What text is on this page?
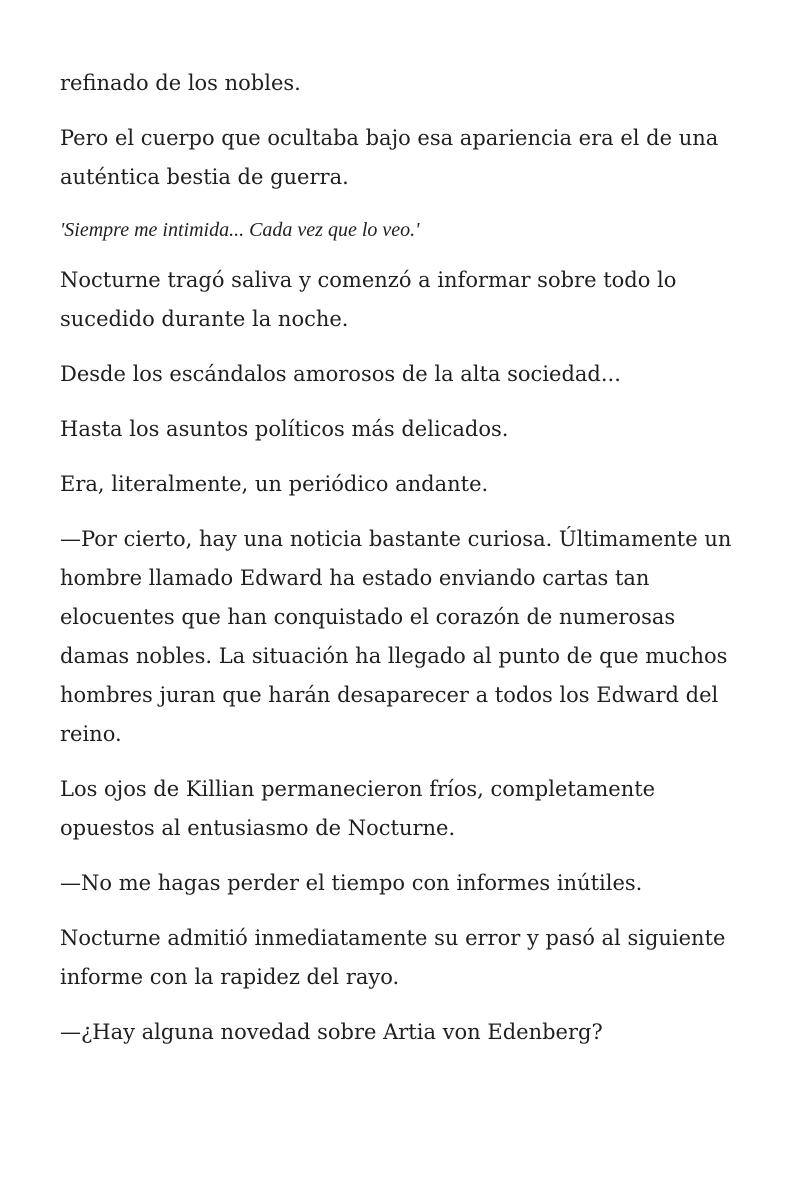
refinado de los nobles.

Pero el cuerpo que ocultaba bajo esa apariencia era el de una auténtica bestia de guerra.

'Siempre me intimida... Cada vez que lo veo.'

Nocturne tragó saliva y comenzó a informar sobre todo lo sucedido durante la noche.

Desde los escándalos amorosos de la alta sociedad...

Hasta los asuntos políticos más delicados.

Era, literalmente, un periódico andante.

—Por cierto, hay una noticia bastante curiosa. Últimamente un hombre llamado Edward ha estado enviando cartas tan elocuentes que han conquistado el corazón de numerosas damas nobles. La situación ha llegado al punto de que muchos hombres juran que harán desaparecer a todos los Edward del reino.

Los ojos de Killian permanecieron fríos, completamente opuestos al entusiasmo de Nocturne.

—No me hagas perder el tiempo con informes inútiles.

Nocturne admitió inmediatamente su error y pasó al siguiente informe con la rapidez del rayo.

—¿Hay alguna novedad sobre Artia von Edenberg?
